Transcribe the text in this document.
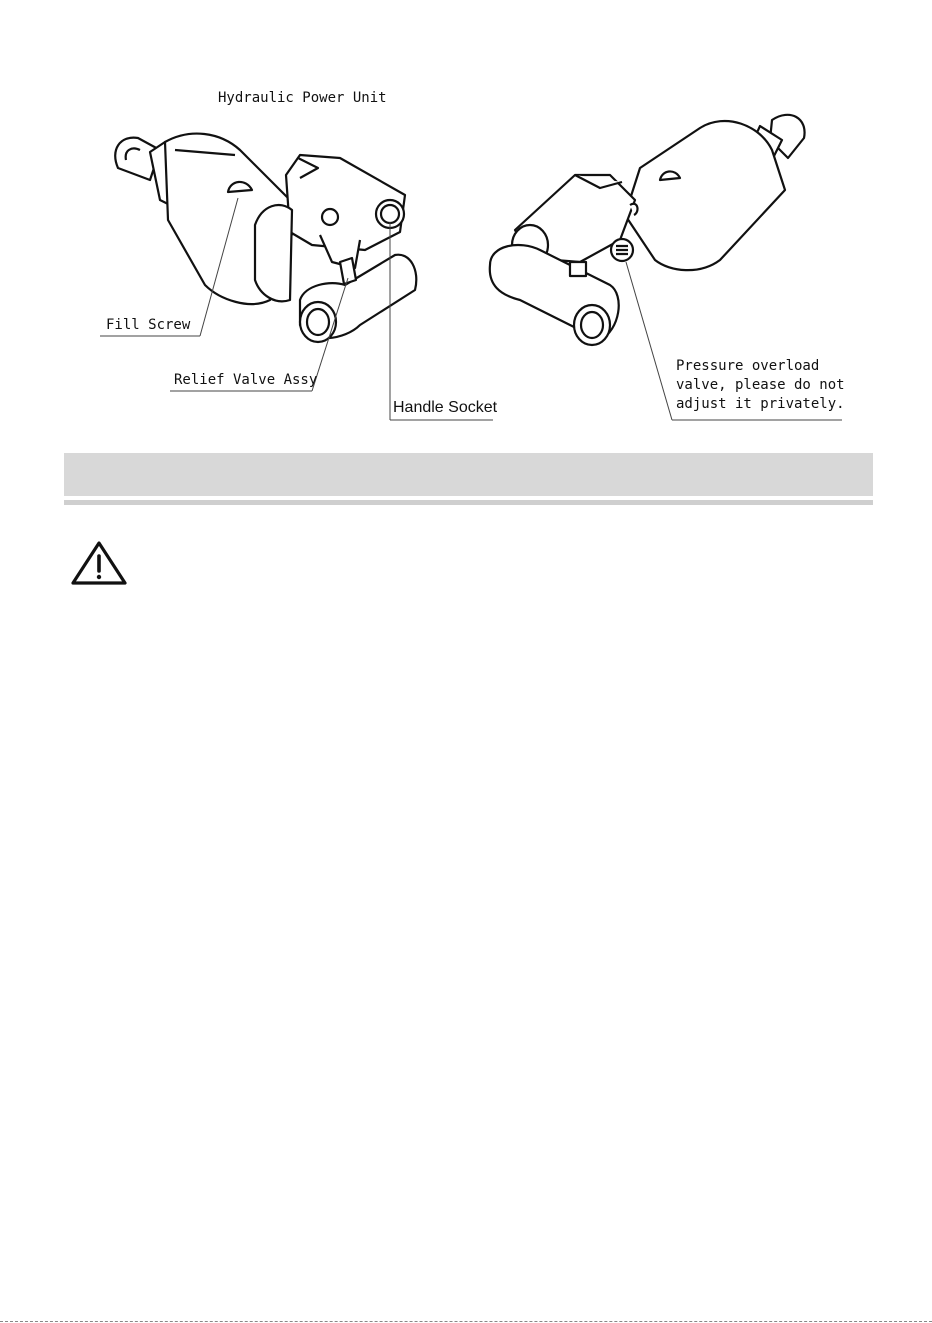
Hydraulic Power Unit
Fill Screw
Relief Valve Assy
Handle Socket
Pressure overload
valve, please do not
adjust it privately.
